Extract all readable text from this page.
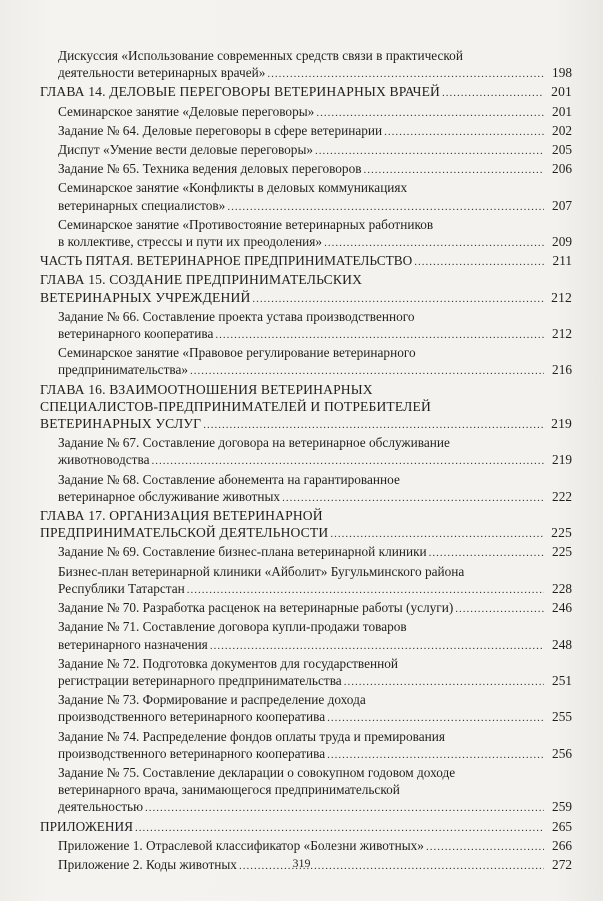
Дискуссия «Использование современных средств связи в практической
деятельности ветеринарных врачей» .....	198
ГЛАВА 14. ДЕЛОВЫЕ ПЕРЕГОВОРЫ ВЕТЕРИНАРНЫХ ВРАЧЕЙ .....	201
Семинарское занятие «Деловые переговоры» .....	201
Задание № 64. Деловые переговоры в сфере ветеринарии .....	202
Диспут «Умение вести деловые переговоры» .....	205
Задание № 65. Техника ведения деловых переговоров .....	206
Семинарское занятие «Конфликты в деловых коммуникациях
ветеринарных специалистов» .....	207
Семинарское занятие «Противостояние ветеринарных работников
в коллективе, стрессы и пути их преодоления» .....	209
ЧАСТЬ ПЯТАЯ. ВЕТЕРИНАРНОЕ ПРЕДПРИНИМАТЕЛЬСТВО .....	211
ГЛАВА 15. СОЗДАНИЕ ПРЕДПРИНИМАТЕЛЬСКИХ
ВЕТЕРИНАРНЫХ УЧРЕЖДЕНИЙ .....	212
Задание № 66. Составление проекта устава производственного
ветеринарного кооператива .....	212
Семинарское занятие «Правовое регулирование ветеринарного
предпринимательства» .....	216
ГЛАВА 16. ВЗАИМООТНОШЕНИЯ ВЕТЕРИНАРНЫХ
СПЕЦИАЛИСТОВ-ПРЕДПРИНИМАТЕЛЕЙ И ПОТРЕБИТЕЛЕЙ
ВЕТЕРИНАРНЫХ УСЛУГ .....	219
Задание № 67. Составление договора на ветеринарное обслуживание
животноводства .....	219
Задание № 68. Составление абонемента на гарантированное
ветеринарное обслуживание животных .....	222
ГЛАВА 17. ОРГАНИЗАЦИЯ ВЕТЕРИНАРНОЙ
ПРЕДПРИНИМАТЕЛЬСКОЙ ДЕЯТЕЛЬНОСТИ .....	225
Задание № 69. Составление бизнес-плана ветеринарной клиники .....	225
Бизнес-план ветеринарной клиники «Айболит» Бугульминского района
Республики Татарстан .....	228
Задание № 70. Разработка расценок на ветеринарные работы (услуги) .....	246
Задание № 71. Составление договора купли-продажи товаров
ветеринарного назначения .....	248
Задание № 72. Подготовка документов для государственной
регистрации ветеринарного предпринимательства .....	251
Задание № 73. Формирование и распределение дохода
производственного ветеринарного кооператива .....	255
Задание № 74. Распределение фондов оплаты труда и премирования
производственного ветеринарного кооператива .....	256
Задание № 75. Составление декларации о совокупном годовом доходе
ветеринарного врача, занимающегося предпринимательской
деятельностью .....	259
ПРИЛОЖЕНИЯ .....	265
Приложение 1. Отраслевой классификатор «Болезни животных» .....	266
Приложение 2. Коды животных .....	272
319
